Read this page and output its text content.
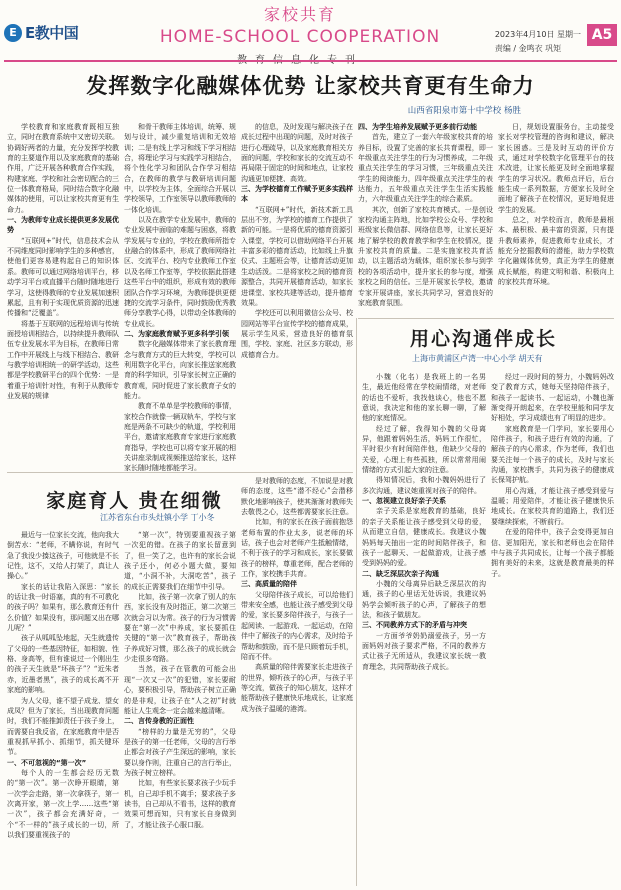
E E教中国
家校共育
HOME-SCHOOL COOPERATION	2023年4月10日 星期一
责编 / 金鸣衣 巩矩
A5
发挥数字化融媒体优势 让家校共育更有生命力
山西省阳泉市第十中学校 杨胜

学校教育和家庭教育既相互独立，同时在教育系统中又密切关联。协调好两者的力量，充分发挥学校教育的主要道作用以及家庭教育的基础作用，广泛开展各种教育合作实践，构建家庭、学校和社会密切配合的三位一体教育格局，同时结合数字化融媒体的使用，可以让家校共育更有生命力。

一、为教师专业成长提供更多发展优势

“互联网+”时代，信息技术会从不同维度同时影响学生的多种感官，使他们更容易建构起自己的知识体系。教师可以通过网络培训平台，移动学习平台或直播平台随时随地进行学习，这使得教师的专业发展加速积累起，且有利于实现优质资源的迅速传播和“泛覆盖”。

将基于互联网的远程培训与传统面授培训相结合，以持续提升教师队伍专业发展水平为目标，在教师日常工作中开展线上与线下相结合、教研与教学培训相统一的研学活动，这些都是学校教研平台的四个优势：一是着重于培训针对性，有利于从教师专业发展的规律

和骨干教师主体培训，统筹、规划与设计，减少重复培训和无效培训；二是有线上学习和线下学习相结合，将理论学习与实践学习相结合，将个性化学习和团队合作学习相结合，在教师的教学与教研培训问题中，以学校为主体，全面综合开展以学校领导，工作室领导以教师教师的一体化培训。

以及在教学专业发展中，教师的专业发展中面临的难题与困惑，将教学发展与专业的，学校在教师所指专业融合的体系中，形成了教师网络社区、交流平台、校内专业教师工作室以及名师工作室等，学校依据此搭建这些平台中的组织，形成有效的教师团队合作学习环境，为教师提供更便捷的交流学习条件，同时鼓励优秀教师分享教学心得，以带动全体教师的专业成长。

二、为家庭教育赋予更多科学引领

数字化融媒体带来了家长教育理念与教育方式的巨大转变，学校可以利用数字化平台，向家长推送家庭教育的科学知识，引导家长树立正确的教育观，同时促进了家长教育子女的能力。

教育不单单是学校教师的事情，家校合作就像一辆双轨车，学校与家庭是两条不可缺少的轨道，学校利用平台，邀请家庭教育专家进行家庭教育指导，学校也可以将专家开展的相关讲座录制成视频推送给家长，这样家长随时随地都能学习。

的信息，及时发现与解决孩子在成长过程中出现的问题，及时对孩子进行心理疏导，以及家庭教育相关方面的问题，学校和家长的交流互动不再局限于固定的时间和地点，让家校沟通更加便捷、高效。

三、为学校德育工作赋予更多实践样本

“互联网+”时代，新技术新工具层出不穷，为学校的德育工作提供了新的可能。一是将优质的德育资源引入课堂，学校可以借助网络平台开展丰富多彩的德育活动，比如线上升旗仪式、主题班会等，让德育活动更加生动活泼。二是将家校之间的德育资源整合，共同开展德育活动，如家长进课堂、家校共建等活动，提升德育效果。

学校还可以利用微信公众号、校园网站等平台宣传学校的德育成果，展示学生风采，营造良好的德育氛围，学校、家庭、社区多方联动，形成德育合力。

四、为学生培养发展赋予更多前行动能

首先，建立了一套六年级家校共育的培养目标，设置了完善的家长共育课程，即一年级重点关注学生的行为习惯养成，二年级重点关注学生的学习习惯，三年级重点关注学生的阅读能力，四年级重点关注学生的表达能力，五年级重点关注学生生活实践能力，六年级重点关注学生的综合素质。

其次，创新了家校共育模式。一是创设家校沟通主阵地，比如学校公众号、学校和班级家长微信群、网络信息等，让家长更好地了解学校的教育教学和学生在校情况，提升家校共育的质量。二是实施家校共育活动，以主题活动为载体，组织家长参与到学校的各项活动中，提升家长的参与度，增强家校之间的信任。三是开展家长学校，邀请专家开展讲座，家长共同学习，营造良好的家庭教育氛围。

日，规划设置服务台，主动接受家长对学校管理的咨询和建议，解决家长困惑。三是及时互动的评价方式，通过对学校数字化管理平台的技术改进，让家长能更及时全面地掌握学生的学习状况。教师点评后，后台能生成一系列数据，方便家长及时全面地了解孩子在校情况，更好地促进学生的发展。

总之，对学校而言，教师是最根本、最积极、最丰富的资源，只有提升教师素养，促进教师专业成长，才能充分挖掘教师的潜能，助力学校数字化融媒体优势，真正为学生的健康成长赋能，构建文明和谐、积极向上的家校共育环境。

家庭育人 贵在细微
江苏省东台市头灶镇小学 丁小冬

最近与一位家长交流，他向我大倒苦水：“老师，不瞒你说，有时气急了我没少揍这孩子，可他就是不长记性，这不，又给人打架了，真让人操心。”

家长的话让我陷入深思：“家长的话让我一时语塞，真的有不可教化的孩子吗？如果有，那么教育还有什么价值？如果没有，那问题又出在哪儿呢？”

孩子从呱呱坠地起，天生就遗传了父母的一些基因特征，如相貌、性格、身高等，但有谁说过一个刚出生的孩子天生就是“坏孩子”？“近朱者赤，近墨者黑”，孩子的成长离不开家庭的影响。

为人父母，谁不望子成龙、望女成凤？但为了家长，当出现教育问题时，我们不能推卸责任于孩子身上，而需要自我反省，在家庭教育中是否重视抓早抓小、抓细节，抓关键环节。

一、不可忽视的“第一次”

每个人的一生都会经历无数的“第一次”。第一次睁开眼睛，第一次学会走路，第一次拿筷子，第一次离开家，第一次上学……这些“第一次”，孩子都会充满好奇，一个“不一样的”孩子成长的一切，所以我们要重视孩子的

“第一次”，特别要重视孩子第一次犯的错。在孩子的家长留意到了，但一笑了之，也许有的家长会说孩子还小，何必小题大做，要知道，“小洞不补，大洞吃苦”，孩子的成长正需要我们在细节中引导。

比如，孩子第一次拿了别人的东西，家长没有及时指正，第二次第三次就会习以为常。孩子的行为习惯需要在“第一次”中养成，家长要抓住关键的“第一次”教育孩子，帮助孩子养成好习惯，那么孩子的成长就会少走很多弯路。

当然，孩子在管教的可能会出现“一次又一次”的犯错，家长要耐心，要积极引导，帮助孩子树立正确的是非观，让孩子在“人之初”时就能让人生观念一定会越来越清晰。

二、言传身教的正面性

“榜样的力量是无穷的”，父母是孩子的第一任老师，父母的言行举止都会对孩子产生深远的影响，家长要以身作则，注重自己的言行举止，为孩子树立榜样。

比如，有些家长要求孩子少玩手机，自己却手机不离手；要求孩子多读书，自己却从不看书，这样的教育效果可想而知，只有家长自身做到了，才能让孩子心服口服。

是对教师的态度，不加说是对教师的态度，这些“潜不经心”会潜移默化地影响孩子，使其渐渐对教师失去敬畏之心，这些都需要家长注意。

比如，有的家长在孩子面前抱怨老师布置的作业太多，说老师的坏话，孩子也会对老师产生抵触情绪，不利于孩子的学习和成长，家长要做孩子的榜样，尊重老师，配合老师的工作，家校携手共育。

三、高质量的陪伴

父母陪伴孩子成长，可以给他们带来安全感，也能让孩子感受到父母的爱，家长要多陪伴孩子，与孩子一起阅读、一起游戏、一起运动，在陪伴中了解孩子的内心需求，及时给予帮助和鼓励，而不是只顾着玩手机，陪而不伴。

高质量的陪伴需要家长走进孩子的世界，倾听孩子的心声，与孩子平等交流，做孩子的知心朋友，这样才能帮助孩子健康快乐地成长，让家庭成为孩子温暖的港湾。

用心沟通伴成长
上海市黄浦区卢湾一中心小学 胡天有

小魏（化名）是我班上的一名男生，最近他经常在学校闹情绪，对老师的话也不爱听，我找他谈心，他也不愿意说，我决定和他的家长聊一聊，了解他的家庭情况。

经过了解，我得知小魏的父母离异，他跟着妈妈生活，妈妈工作很忙，平时很少有时间陪伴他，他缺少父母的关爱，心理上有些孤独，所以常常用闹情绪的方式引起大家的注意。

得知情况后，我和小魏妈妈进行了多次沟通，建议她重视对孩子的陪伴。

一、忽视建立良好亲子关系

亲子关系是家庭教育的基础，良好的亲子关系能让孩子感受到父母的爱，从而建立自信，健康成长。我建议小魏妈妈每天抽出一定的时间陪伴孩子，和孩子一起聊天、一起做游戏，让孩子感受到妈妈的爱。

二、缺乏深层次亲子沟通

小魏的父母离异后缺乏深层次的沟通，孩子的心里话无处诉说，我建议妈妈学会倾听孩子的心声，了解孩子的想法，和孩子做朋友。

三、不同教养方式下的矛盾与冲突

一方面爷爷奶奶溺爱孩子，另一方面妈妈对孩子要求严格，不同的教养方式让孩子无所适从，我建议家长统一教育理念，共同帮助孩子成长。

经过一段时间的努力，小魏妈妈改变了教育方式，她每天坚持陪伴孩子，和孩子一起读书、一起运动，小魏也渐渐变得开朗起来，在学校里能和同学友好相处，学习成绩也有了明显的进步。

家庭教育是一门学问，家长要用心陪伴孩子，和孩子进行有效的沟通，了解孩子的内心需求，作为老师，我们也要关注每一个孩子的成长，及时与家长沟通，家校携手，共同为孩子的健康成长保驾护航。

用心沟通，才能让孩子感受到爱与温暖；用爱陪伴，才能让孩子健康快乐地成长。在家校共育的道路上，我们还要继续探索，不断前行。

在爱的陪伴中，孩子会变得更加自信、更加阳光，家长和老师也会在陪伴中与孩子共同成长，让每一个孩子都能拥有美好的未来，这就是教育最美的样子。
